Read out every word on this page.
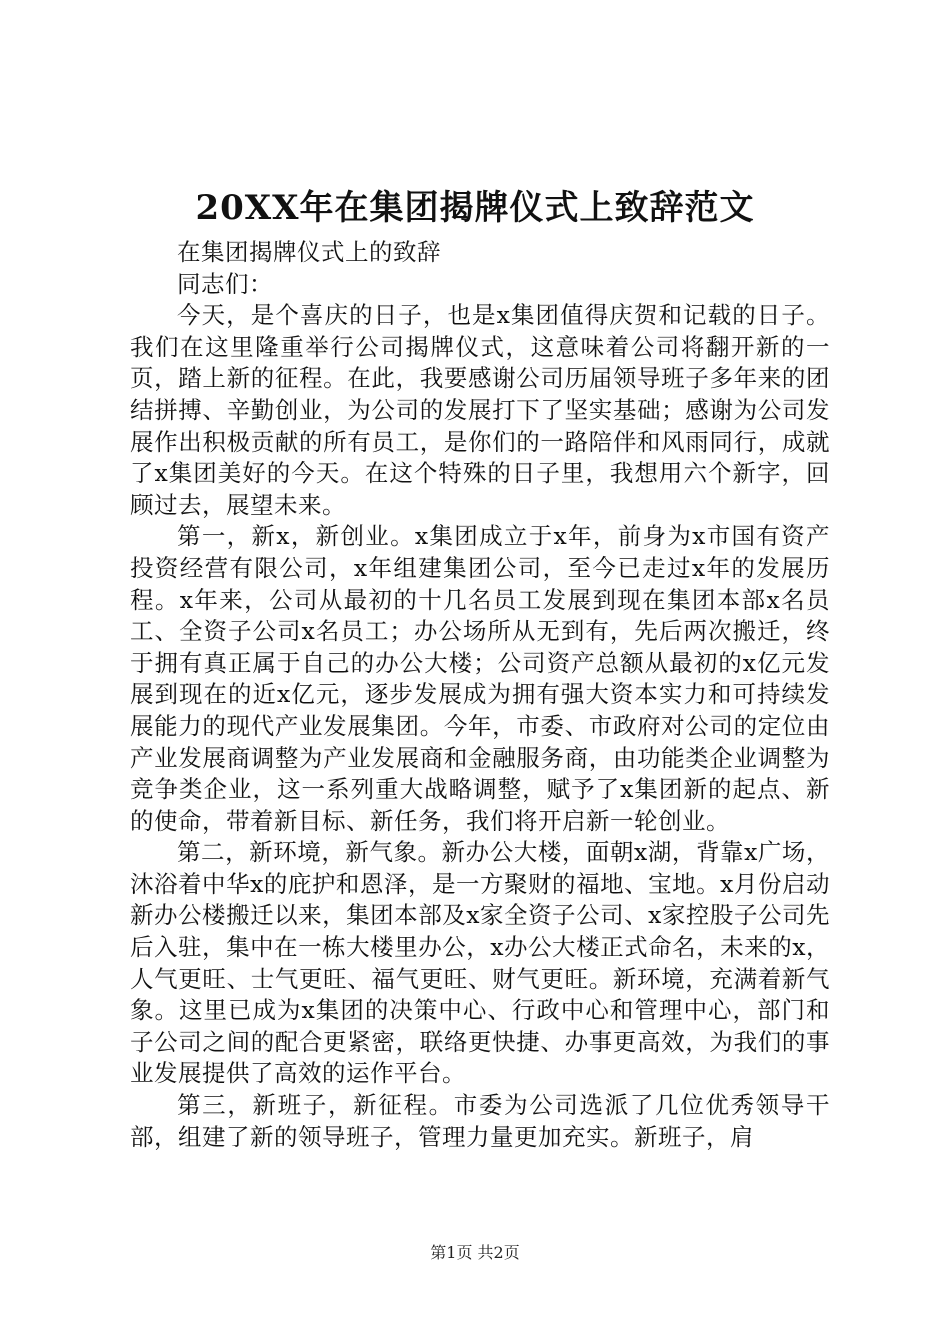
20XX年在集团揭牌仪式上致辞范文

在集团揭牌仪式上的致辞

同志们：

今天，是个喜庆的日子，也是x集团值得庆贺和记载的日子。我们在这里隆重举行公司揭牌仪式，这意味着公司将翻开新的一页，踏上新的征程。在此，我要感谢公司历届领导班子多年来的团结拼搏、辛勤创业，为公司的发展打下了坚实基础；感谢为公司发展作出积极贡献的所有员工，是你们的一路陪伴和风雨同行，成就了x集团美好的今天。在这个特殊的日子里，我想用六个新字，回顾过去，展望未来。

第一，新x，新创业。x集团成立于x年，前身为x市国有资产投资经营有限公司，x年组建集团公司，至今已走过x年的发展历程。x年来，公司从最初的十几名员工发展到现在集团本部x名员工、全资子公司x名员工；办公场所从无到有，先后两次搬迁，终于拥有真正属于自己的办公大楼；公司资产总额从最初的x亿元发展到现在的近x亿元，逐步发展成为拥有强大资本实力和可持续发展能力的现代产业发展集团。今年，市委、市政府对公司的定位由产业发展商调整为产业发展商和金融服务商，由功能类企业调整为竞争类企业，这一系列重大战略调整，赋予了x集团新的起点、新的使命，带着新目标、新任务，我们将开启新一轮创业。

第二，新环境，新气象。新办公大楼，面朝x湖，背靠x广场，沐浴着中华x的庇护和恩泽，是一方聚财的福地、宝地。x月份启动新办公楼搬迁以来，集团本部及x家全资子公司、x家控股子公司先后入驻，集中在一栋大楼里办公，x办公大楼正式命名，未来的x，人气更旺、士气更旺、福气更旺、财气更旺。新环境，充满着新气象。这里已成为x集团的决策中心、行政中心和管理中心，部门和子公司之间的配合更紧密，联络更快捷、办事更高效，为我们的事业发展提供了高效的运作平台。

第三，新班子，新征程。市委为公司选派了几位优秀领导干部，组建了新的领导班子，管理力量更加充实。新班子，肩

第1页 共2页
